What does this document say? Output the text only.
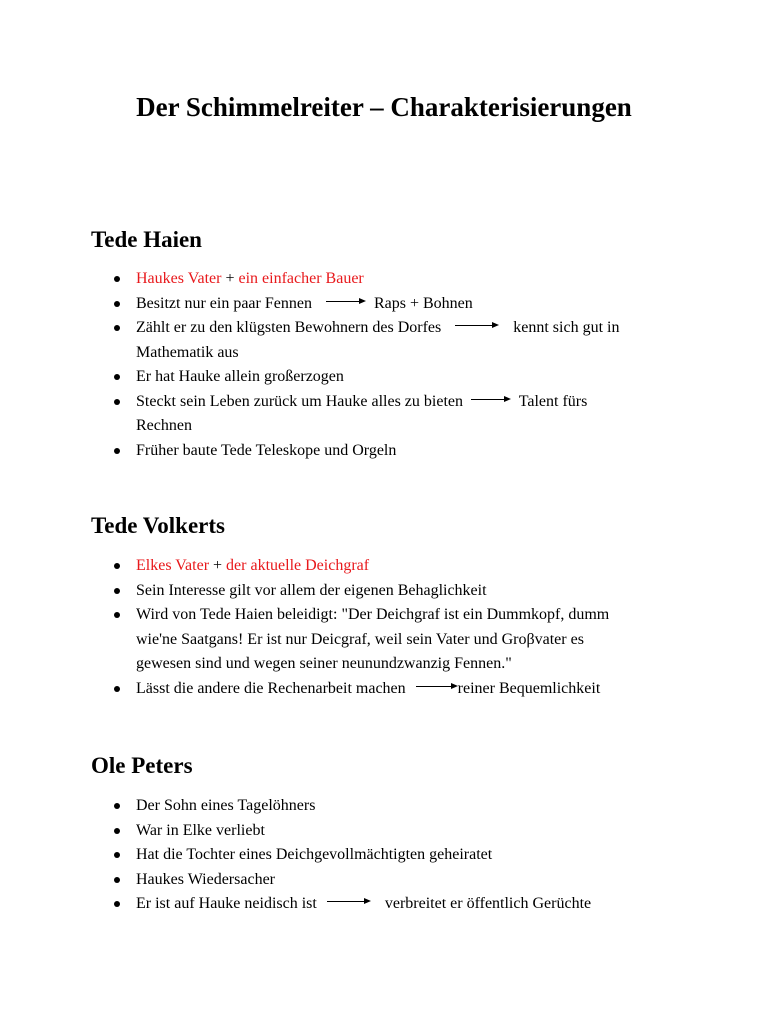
Der Schimmelreiter – Charakterisierungen
Tede Haien
Haukes Vater + ein einfacher Bauer
Besitzt nur ein paar Fennen	Raps + Bohnen
Zählt er zu den klügsten Bewohnern des Dorfes	kennt sich gut in
Mathematik aus
Er hat Hauke allein großerzogen
Steckt sein Leben zurück um Hauke alles zu bieten	Talent fürs
Rechnen
Früher baute Tede Teleskope und Orgeln
Tede Volkerts
Elkes Vater + der aktuelle Deichgraf
Sein Interesse gilt vor allem der eigenen Behaglichkeit
Wird von Tede Haien beleidigt: "Der Deichgraf ist ein Dummkopf, dumm
wie'ne Saatgans! Er ist nur Deicgraf, weil sein Vater und Groβvater es
gewesen sind und wegen seiner neunundzwanzig Fennen."
Lässt die andere die Rechenarbeit machen	reiner Bequemlichkeit
Ole Peters
Der Sohn eines Tagelöhners
War in Elke verliebt
Hat die Tochter eines Deichgevollmächtigten geheiratet
Haukes Wiedersacher
Er ist auf Hauke neidisch ist	verbreitet er öffentlich Gerüchte
